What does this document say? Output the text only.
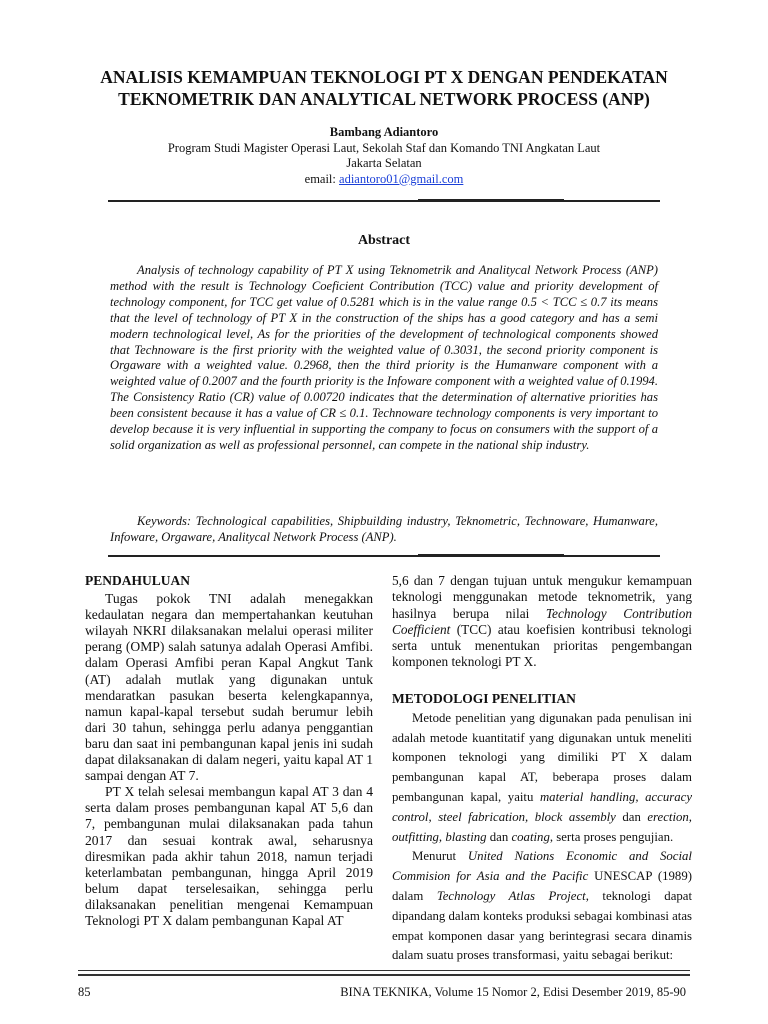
ANALISIS KEMAMPUAN TEKNOLOGI PT X DENGAN PENDEKATAN
TEKNOMETRIK DAN ANALYTICAL NETWORK PROCESS (ANP)
Bambang Adiantoro
Program Studi Magister Operasi Laut, Sekolah Staf dan Komando TNI Angkatan Laut
Jakarta Selatan
email: adiantoro01@gmail.com
Abstract
Analysis of technology capability of PT X using Teknometrik and Analitycal Network Process (ANP) method with the result is Technology Coeficient Contribution (TCC) value and priority development of technology component, for TCC get value of 0.5281 which is in the value range 0.5 < TCC ≤ 0.7 its means that the level of technology of PT X in the construction of the ships has a good category and has a semi modern technological level, As for the priorities of the development of technological components showed that Technoware is the first priority with the weighted value of 0.3031, the second priority component is Orgaware with a weighted value. 0.2968, then the third priority is the Humanware component with a weighted value of 0.2007 and the fourth priority is the Infoware component with a weighted value of 0.1994. The Consistency Ratio (CR) value of 0.00720 indicates that the determination of alternative priorities has been consistent because it has a value of CR ≤ 0.1. Technoware technology components is very important to develop because it is very influential in supporting the company to focus on consumers with the support of a solid organization as well as professional personnel, can compete in the national ship industry.
Keywords: Technological capabilities, Shipbuilding industry, Teknometric, Technoware, Humanware, Infoware, Orgaware, Analitycal Network Process (ANP).
PENDAHULUAN

Tugas pokok TNI adalah menegakkan kedaulatan negara dan mempertahankan keutuhan wilayah NKRI dilaksanakan melalui operasi militer perang (OMP) salah satunya adalah Operasi Amfibi. dalam Operasi Amfibi peran Kapal Angkut Tank (AT) adalah mutlak yang digunakan untuk mendaratkan pasukan beserta kelengkapannya, namun kapal-kapal tersebut sudah berumur lebih dari 30 tahun, sehingga perlu adanya penggantian baru dan saat ini pembangunan kapal jenis ini sudah dapat dilaksanakan di dalam negeri, yaitu kapal AT 1 sampai dengan AT 7.

PT X telah selesai membangun kapal AT 3 dan 4 serta dalam proses pembangunan kapal AT 5,6 dan 7, pembangunan mulai dilaksanakan pada tahun 2017 dan sesuai kontrak awal, seharusnya diresmikan pada akhir tahun 2018, namun terjadi keterlambatan pembangunan, hingga April 2019 belum dapat terselesaikan, sehingga perlu dilaksanakan penelitian mengenai Kemampuan Teknologi PT X dalam pembangunan Kapal AT

5,6 dan 7 dengan tujuan untuk mengukur kemampuan teknologi menggunakan metode teknometrik, yang hasilnya berupa nilai Technology Contribution Coefficient (TCC) atau koefisien kontribusi teknologi serta untuk menentukan prioritas pengembangan komponen teknologi PT X.

METODOLOGI PENELITIAN

Metode penelitian yang digunakan pada penulisan ini adalah metode kuantitatif yang digunakan untuk meneliti komponen teknologi yang dimiliki PT X dalam pembangunan kapal AT, beberapa proses dalam pembangunan kapal, yaitu material handling, accuracy control, steel fabrication, block assembly dan erection, outfitting, blasting dan coating, serta proses pengujian.

Menurut United Nations Economic and Social Commision for Asia and the Pacific UNESCAP (1989) dalam Technology Atlas Project, teknologi dapat dipandang dalam konteks produksi sebagai kombinasi atas empat komponen dasar yang berintegrasi secara dinamis dalam suatu proses transformasi, yaitu sebagai berikut:

85	BINA TEKNIKA, Volume 15 Nomor 2, Edisi Desember 2019, 85-90
